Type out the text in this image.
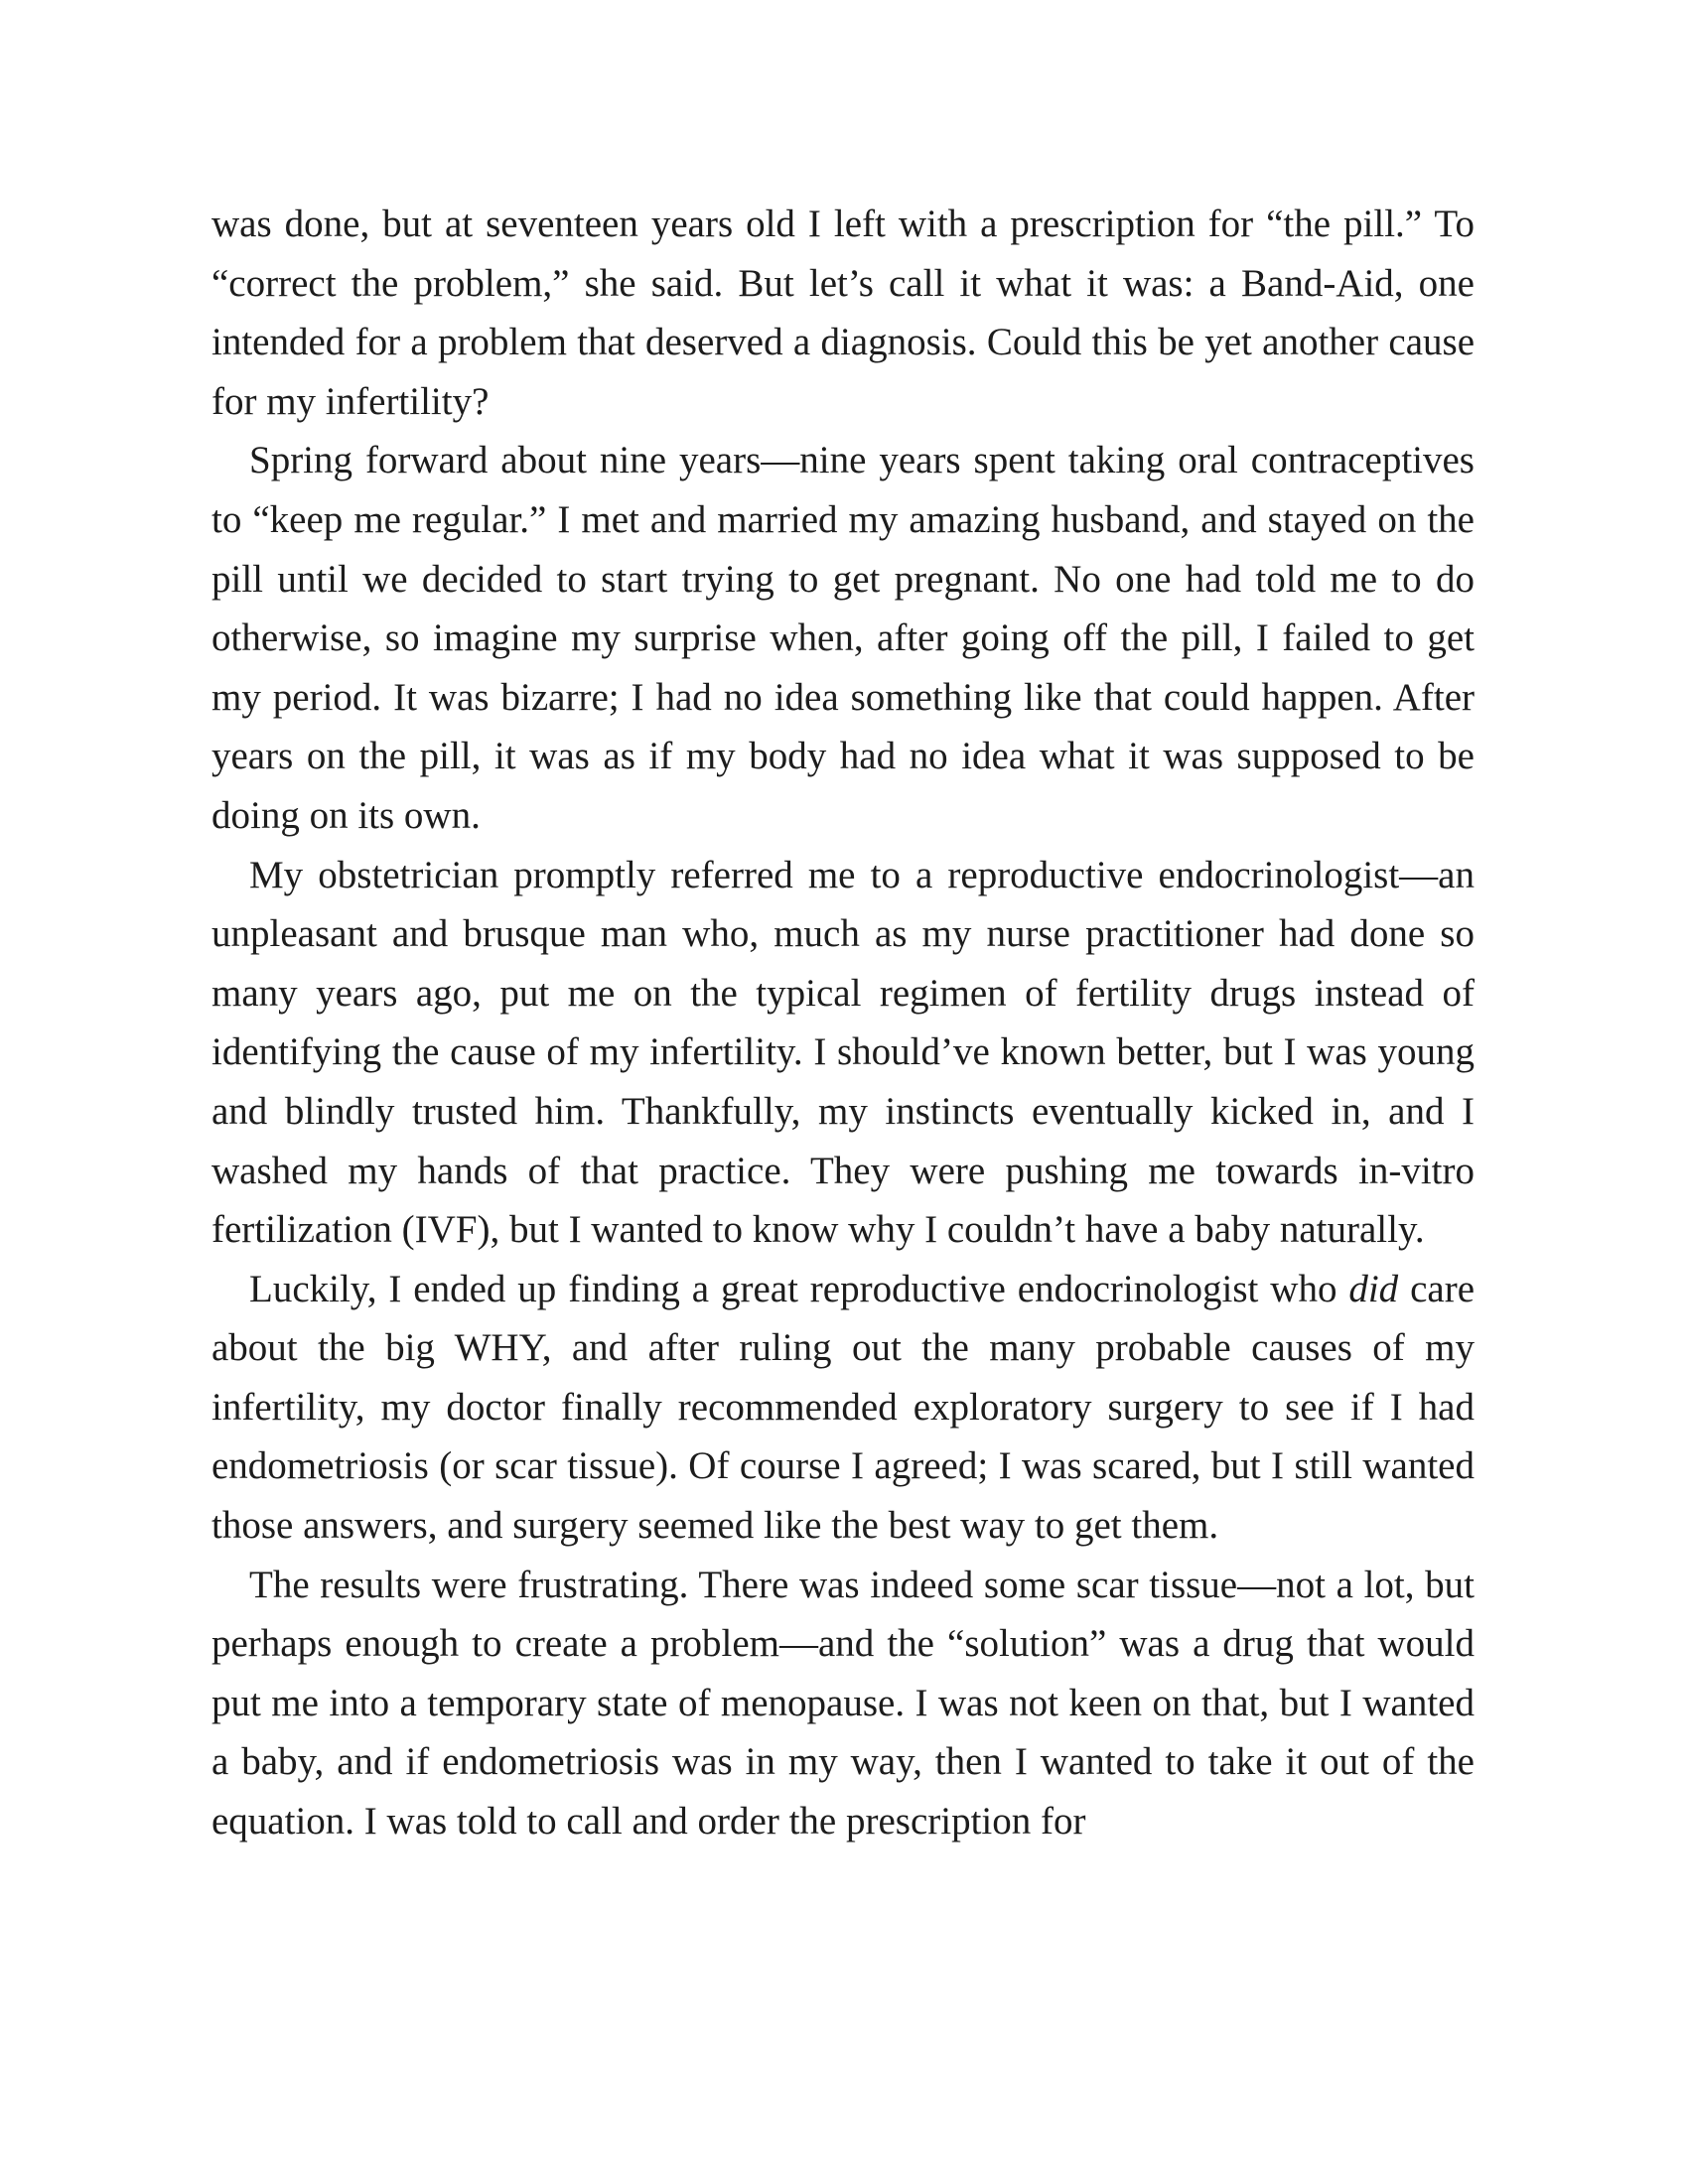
was done, but at seventeen years old I left with a prescription for “the pill.” To “correct the problem,” she said. But let’s call it what it was: a Band-Aid, one intended for a problem that deserved a diagnosis. Could this be yet another cause for my infertility?

Spring forward about nine years—nine years spent taking oral contraceptives to “keep me regular.” I met and married my amazing husband, and stayed on the pill until we decided to start trying to get pregnant. No one had told me to do otherwise, so imagine my surprise when, after going off the pill, I failed to get my period. It was bizarre; I had no idea something like that could happen. After years on the pill, it was as if my body had no idea what it was supposed to be doing on its own.

My obstetrician promptly referred me to a reproductive endocrinologist—an unpleasant and brusque man who, much as my nurse practitioner had done so many years ago, put me on the typical regimen of fertility drugs instead of identifying the cause of my infertility. I should’ve known better, but I was young and blindly trusted him. Thankfully, my instincts eventually kicked in, and I washed my hands of that practice. They were pushing me towards in-vitro fertilization (IVF), but I wanted to know why I couldn’t have a baby naturally.

Luckily, I ended up finding a great reproductive endocrinologist who did care about the big WHY, and after ruling out the many probable causes of my infertility, my doctor finally recommended exploratory surgery to see if I had endometriosis (or scar tissue). Of course I agreed; I was scared, but I still wanted those answers, and surgery seemed like the best way to get them.

The results were frustrating. There was indeed some scar tissue—not a lot, but perhaps enough to create a problem—and the “solution” was a drug that would put me into a temporary state of menopause. I was not keen on that, but I wanted a baby, and if endometriosis was in my way, then I wanted to take it out of the equation. I was told to call and order the prescription for
